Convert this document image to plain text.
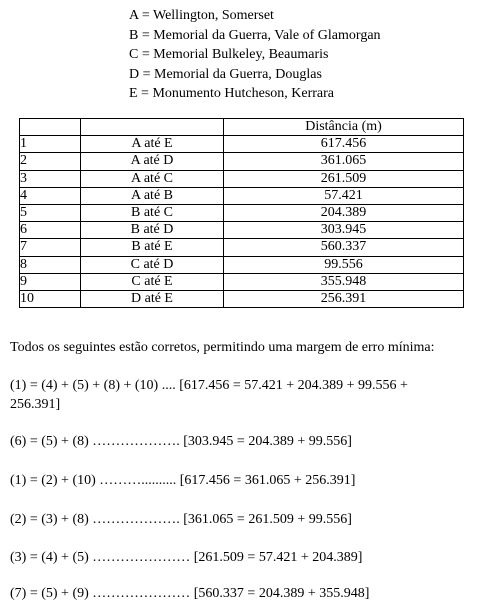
A = Wellington, Somerset
B = Memorial da Guerra, Vale of Glamorgan
C = Memorial Bulkeley, Beaumaris
D = Memorial da Guerra, Douglas
E = Monumento Hutcheson, Kerrara
		Distância (m)
1	A até E	617.456
2	A até D	361.065
3	A até C	261.509
4	A até B	57.421
5	B até C	204.389
6	B até D	303.945
7	B até E	560.337
8	C até D	99.556
9	C até E	355.948
10	D até E	256.391
Todos os seguintes estão corretos, permitindo uma margem de erro mínima:
(1) = (4) + (5) + (8) + (10) .... [617.456 = 57.421 + 204.389 + 99.556 +
256.391]
(6) = (5) + (8) ………………. [303.945 = 204.389 + 99.556]
(1) = (2) + (10) ……….......... [617.456 = 361.065 + 256.391]
(2) = (3) + (8) ………………. [361.065 = 261.509 + 99.556]
(3) = (4) + (5) ………………… [261.509 = 57.421 + 204.389]
(7) = (5) + (9) ………………… [560.337 = 204.389 + 355.948]
